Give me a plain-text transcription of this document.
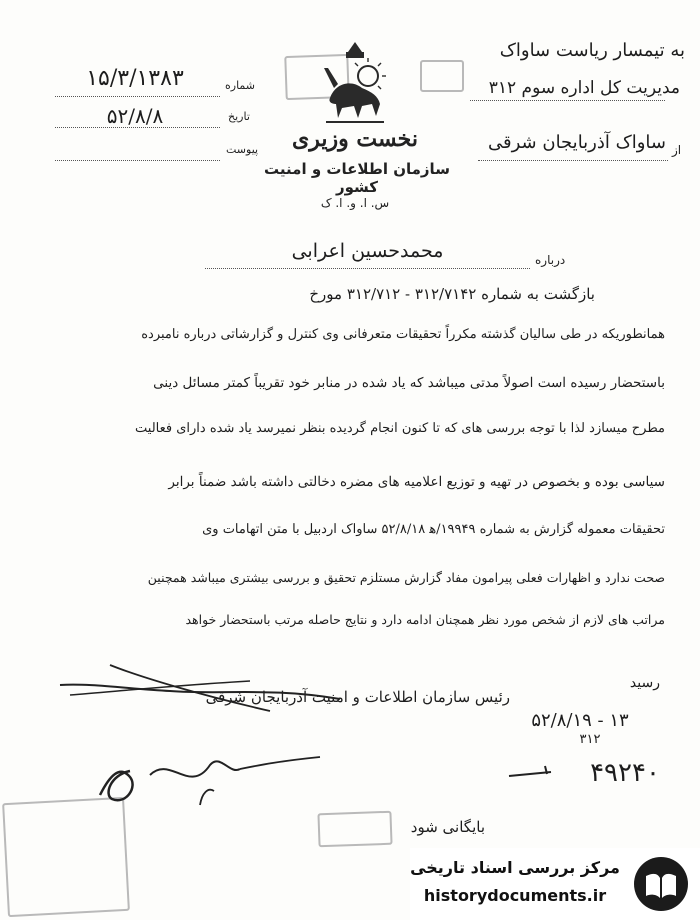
نخست وزیری
سازمان اطلاعات و امنیت کشور
س. ا. و. ا. ک
شماره
تاریخ
پیوست
۱۵/۳/۱۳۸۳
۵۲/۸/۸
به تیمسار ریاست ساواک
مدیریت کل اداره سوم ۳۱۲
از
ساواک آذربایجان شرقی
درباره
محمدحسین اعرابی
بازگشت به شماره ۳۱۲/۷۱۴۲ - ۳۱۲/۷۱۲ مورخ
همانطوریکه در طی سالیان گذشته مکرراً تحقیقات متعرفانی وی کنترل و گزارشاتی درباره نامبرده
باستحضار رسیده است اصولاً مدتی میباشد که یاد شده در منابر خود تقریباً کمتر مسائل دینی
مطرح میسازد لذا با توجه بررسی های که تا کنون انجام گردیده بنظر نمیرسد یاد شده دارای فعالیت
سیاسی بوده و بخصوص در تهیه و توزیع اعلامیه های مضره دخالتی داشته باشد ضمناً برابر
تحقیقات معموله گزارش به شماره ۱۹۹۴۹/ه‍ ۵۲/۸/۱۸ ساواک اردبیل با متن اتهامات وی
صحت ندارد و اظهارات فعلی پیرامون مفاد گزارش مستلزم تحقیق و بررسی بیشتری میباشد همچنین
مراتب های لازم از شخص مورد نظر همچنان ادامه دارد و نتایج حاصله مرتب باستحضار خواهد
رسید
رئیس سازمان اطلاعات و امنیت آذربایجان شرقی
۵۲/۸/۱۹ - ۱۳
۳۱۲
۴۹۲۴۰
بایگانی شود
مرکز بررسی اسناد تاریخی
historydocuments.ir
